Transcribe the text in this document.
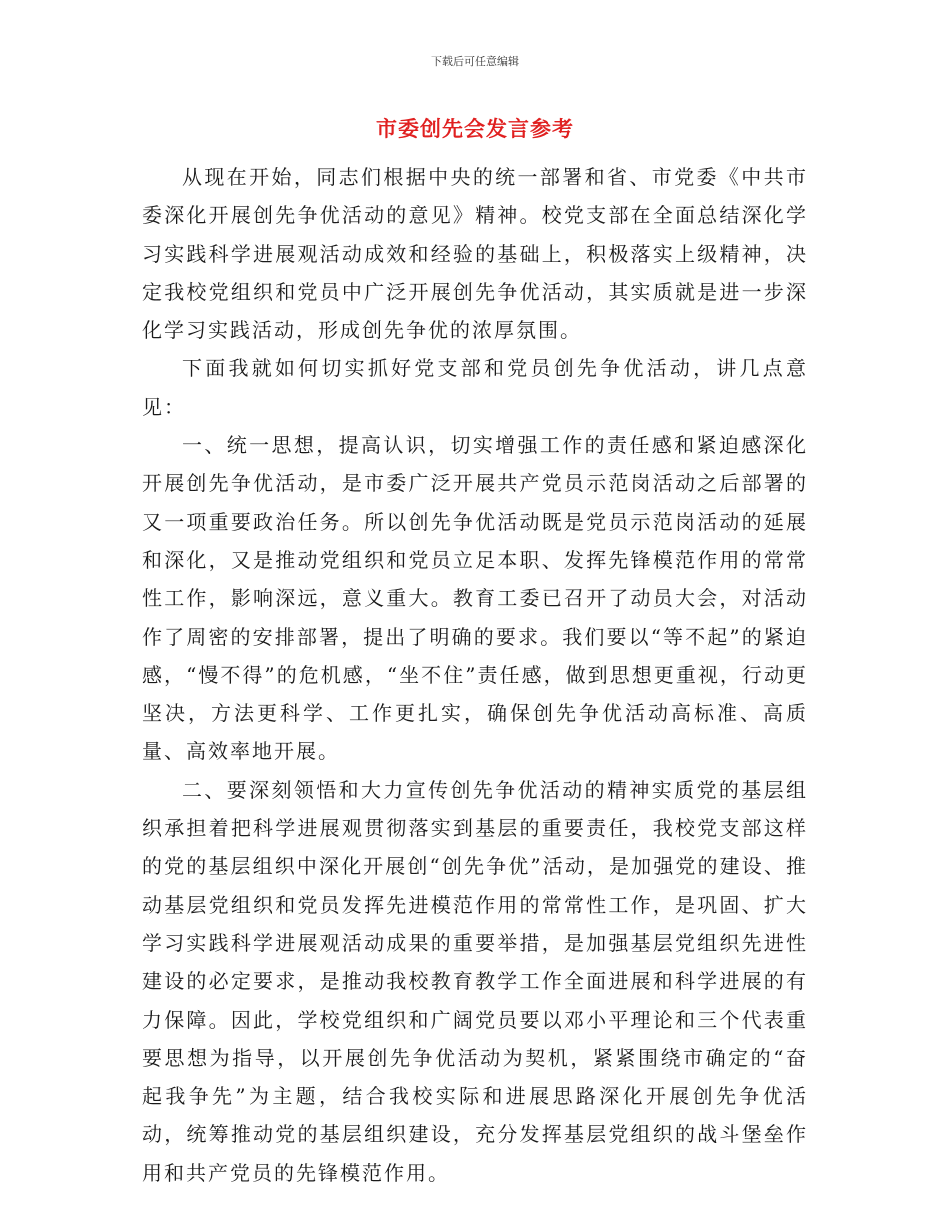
下载后可任意编辑
市委创先会发言参考

从现在开始，同志们根据中央的统一部署和省、市党委《中共市委深化开展创先争优活动的意见》精神。校党支部在全面总结深化学习实践科学进展观活动成效和经验的基础上，积极落实上级精神，决定我校党组织和党员中广泛开展创先争优活动，其实质就是进一步深化学习实践活动，形成创先争优的浓厚氛围。

下面我就如何切实抓好党支部和党员创先争优活动，讲几点意见：

一、统一思想，提高认识，切实增强工作的责任感和紧迫感深化开展创先争优活动，是市委广泛开展共产党员示范岗活动之后部署的又一项重要政治任务。所以创先争优活动既是党员示范岗活动的延展和深化，又是推动党组织和党员立足本职、发挥先锋模范作用的常常性工作，影响深远，意义重大。教育工委已召开了动员大会，对活动作了周密的安排部署，提出了明确的要求。我们要以“等不起”的紧迫感，“慢不得”的危机感，“坐不住”责任感，做到思想更重视，行动更坚决，方法更科学、工作更扎实，确保创先争优活动高标准、高质量、高效率地开展。

二、要深刻领悟和大力宣传创先争优活动的精神实质党的基层组织承担着把科学进展观贯彻落实到基层的重要责任，我校党支部这样的党的基层组织中深化开展创“创先争优”活动，是加强党的建设、推动基层党组织和党员发挥先进模范作用的常常性工作，是巩固、扩大学习实践科学进展观活动成果的重要举措，是加强基层党组织先进性建设的必定要求，是推动我校教育教学工作全面进展和科学进展的有力保障。因此，学校党组织和广阔党员要以邓小平理论和三个代表重要思想为指导，以开展创先争优活动为契机，紧紧围绕市确定的“奋起我争先”为主题，结合我校实际和进展思路深化开展创先争优活动，统筹推动党的基层组织建设，充分发挥基层党组织的战斗堡垒作用和共产党员的先锋模范作用。
